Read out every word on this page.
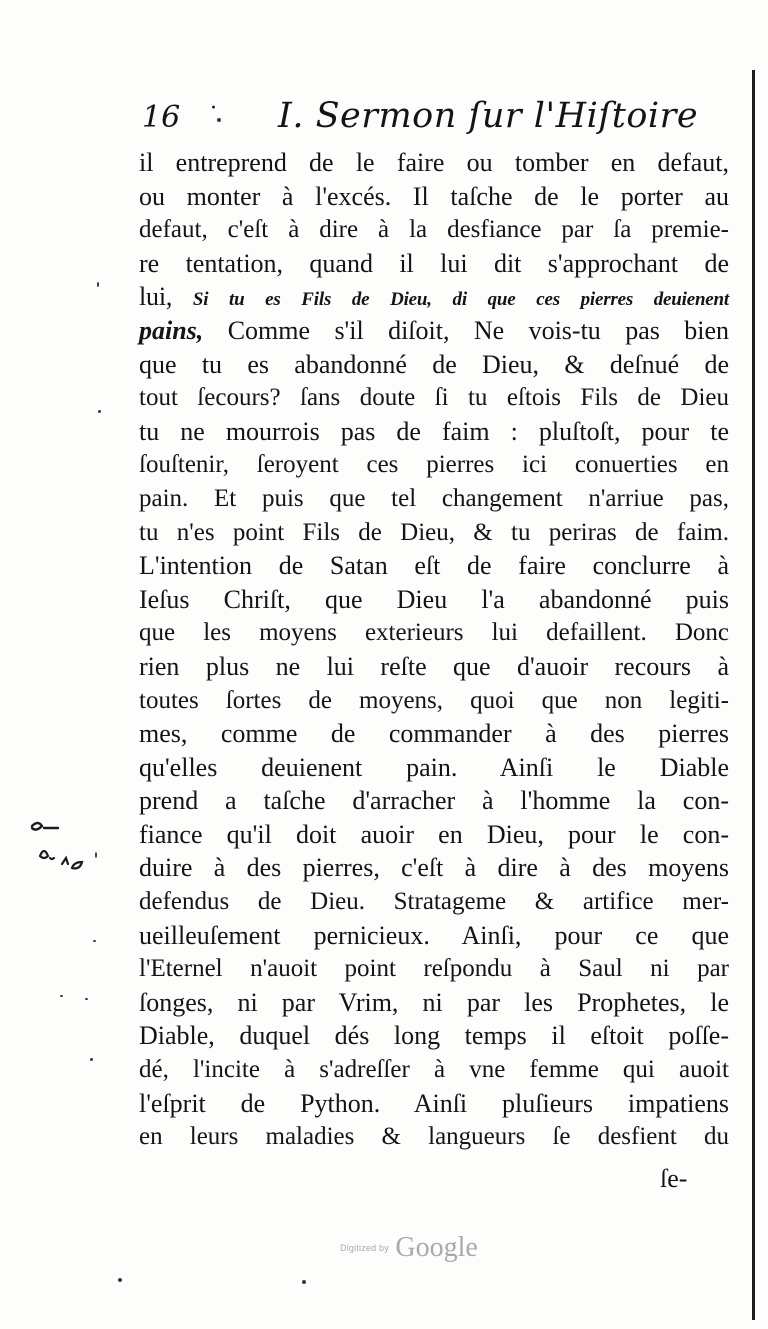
16 · I. Sermon ſur l'Hiſtoire
il entreprend de le faire ou tomber en defaut,
ou monter à l'excés. Il taſche de le porter au
defaut, c'eſt à dire à la desfiance par ſa premie-
re tentation, quand il lui dit s'approchant de
lui, Si tu es Fils de Dieu, di que ces pierres deuienent
pains, Comme s'il diſoit, Ne vois-tu pas bien
que tu es abandonné de Dieu, & deſnué de
tout ſecours? ſans doute ſi tu eſtois Fils de Dieu
tu ne mourrois pas de faim : pluſtoſt, pour te
ſouſtenir, ſeroyent ces pierres ici conuerties en
pain. Et puis que tel changement n'arriue pas,
tu n'es point Fils de Dieu, & tu periras de faim.
L'intention de Satan eſt de faire conclurre à
Ieſus Chriſt, que Dieu l'a abandonné puis
que les moyens exterieurs lui defaillent. Donc
rien plus ne lui reſte que d'auoir recours à
toutes ſortes de moyens, quoi que non legiti-
mes, comme de commander à des pierres
qu'elles deuienent pain. Ainſi le Diable
prend a taſche d'arracher à l'homme la con-
fiance qu'il doit auoir en Dieu, pour le con-
duire à des pierres, c'eſt à dire à des moyens
defendus de Dieu. Stratageme & artifice mer-
ueilleuſement pernicieux. Ainſi, pour ce que
l'Eternel n'auoit point reſpondu à Saul ni par
ſonges, ni par Vrim, ni par les Prophetes, le
Diable, duquel dés long temps il eſtoit poſſe-
dé, l'incite à s'adreſſer à vne femme qui auoit
l'eſprit de Python. Ainſi pluſieurs impatiens
en leurs maladies & langueurs ſe desfient du
ſe-
Digitized by Google
